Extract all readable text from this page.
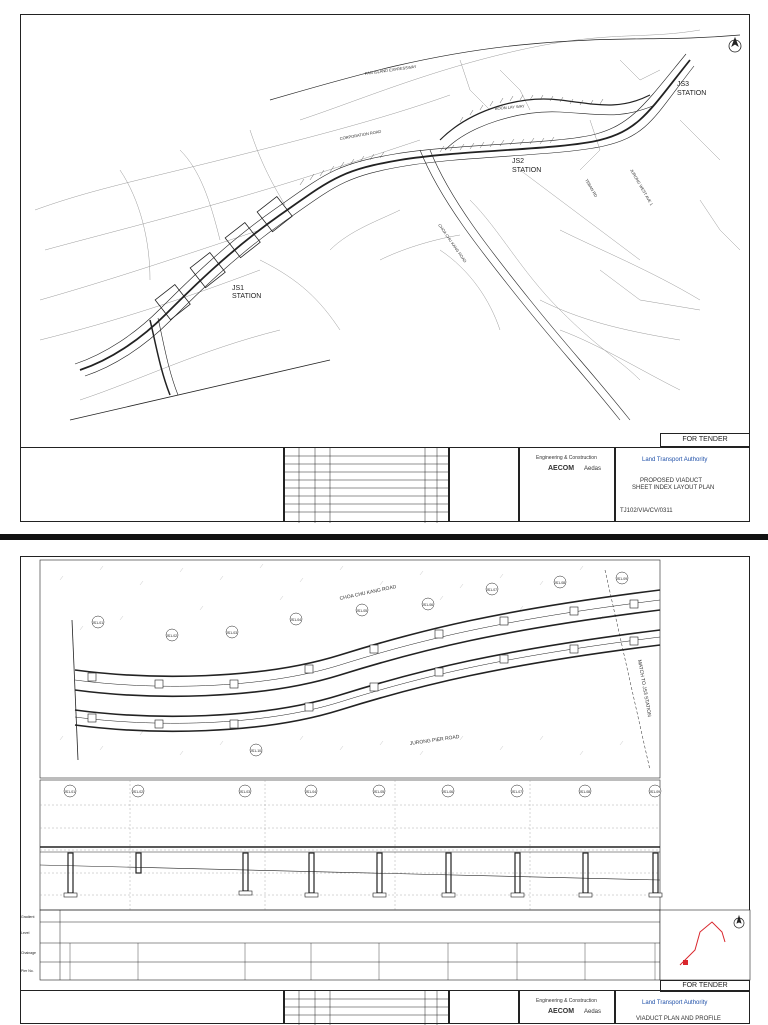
JS1
STATION
JS2
STATION
JS3
STATION
PAN ISLAND EXPRESSWAY
BOON LAY WAY
CORPORATION ROAD
JURONG WEST AVE 1
CHOA CHU KANG ROAD
TEBAN RD
Engineering & Construction
AECOM Aedas
Land Transport Authority
PROPOSED VIADUCT
SHEET INDEX LAYOUT PLAN
TJ102/VIA/CV/0311
FOR TENDER
JS1-01
JS1-02
JS1-03
JS1-04
JS1-05
JS1-06
JS1-07
JS1-08
JS1-09
JS1-10
CHOA CHU KANG ROAD
JURONG PIER ROAD
MATCH TO JS3 STATION
JS1-01	JS1-02	JS1-03	JS1-04	JS1-05	JS1-06	JS1-07	JS1-08	JS1-09
Gradient
Level
Chainage
Pier No.
Engineering & Construction
AECOM Aedas
Land Transport Authority
VIADUCT PLAN AND PROFILE
FOR TENDER
